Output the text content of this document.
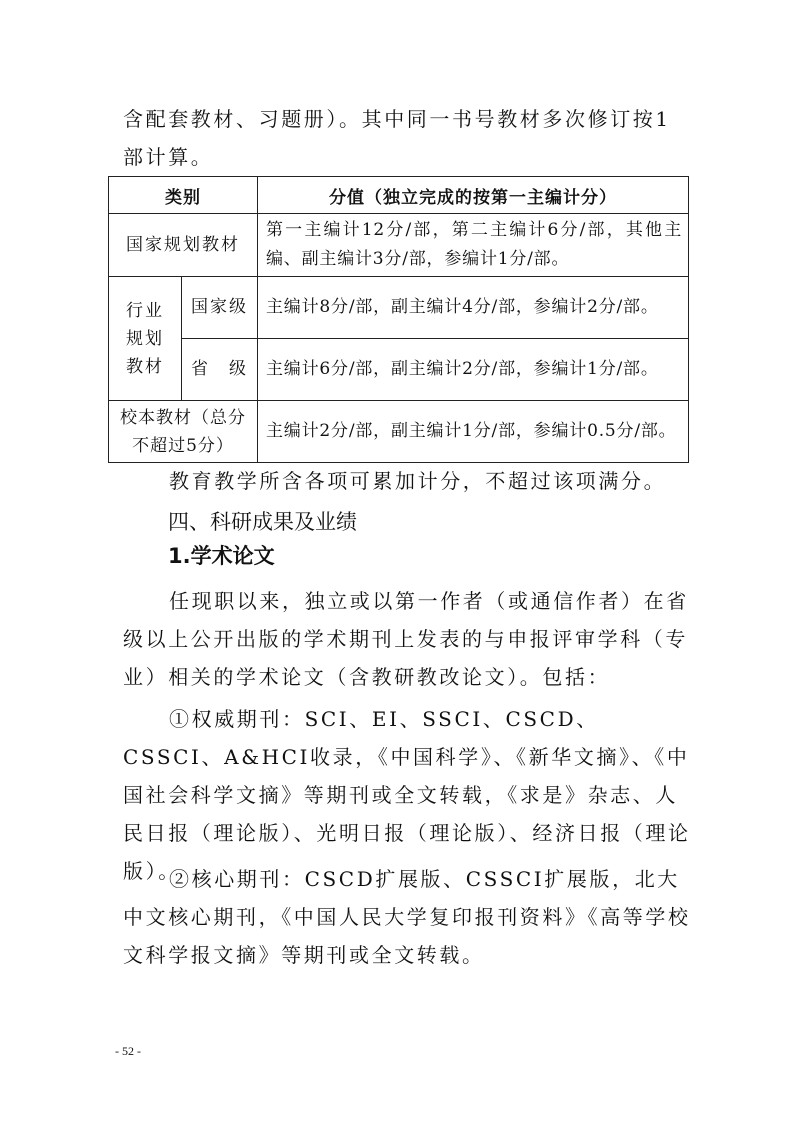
含配套教材、习题册）。其中同一书号教材多次修订按1部计算。

类别		分值（独立完成的按第一主编计分）
国家规划教材		第一主编计12分/部，第二主编计6分/部，其他主编、副主编计3分/部，参编计1分/部。
行业规划教材	国家级	主编计8分/部，副主编计4分/部，参编计2分/部。
	省　级	主编计6分/部，副主编计2分/部，参编计1分/部。
校本教材（总分不超过5分）		主编计2分/部，副主编计1分/部，参编计0.5分/部。

教育教学所含各项可累加计分，不超过该项满分。

四、科研成果及业绩
1.学术论文

任现职以来，独立或以第一作者（或通信作者）在省级以上公开出版的学术期刊上发表的与申报评审学科（专业）相关的学术论文（含教研教改论文）。包括：

①权威期刊：SCI、EI、SSCI、CSCD、CSSCI、A&HCI收录，《中国科学》、《新华文摘》、《中国社会科学文摘》等期刊或全文转载，《求是》杂志、人民日报（理论版）、光明日报（理论版）、经济日报（理论版）。

②核心期刊：CSCD扩展版、CSSCI扩展版，北大中文核心期刊，《中国人民大学复印报刊资料》《高等学校文科学报文摘》等期刊或全文转载。

- 52 -
